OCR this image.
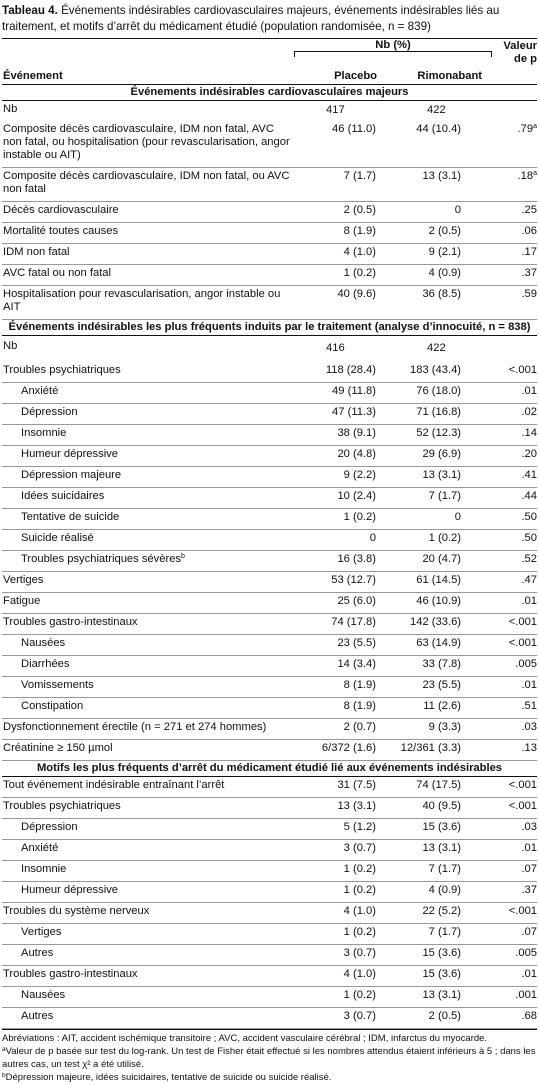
Tableau 4. Événements indésirables cardiovasculaires majeurs, événements indésirables liés au traitement, et motifs d’arrêt du médicament étudié (population randomisée, n = 839)
	Nb (%)		Valeur de p
Événement	Placebo	Rimonabant	
Événements indésirables cardiovasculaires majeurs			
Nb	417	422	
Composite décès cardiovasculaire, IDM non fatal, AVC non fatal, ou hospitalisation (pour revascularisation, angor instable ou AIT)	46 (11.0)	44 (10.4)	.79$^a$
Composite décès cardiovasculaire, IDM non fatal, ou AVC non fatal	7 (1.7)	13 (3.1)	.18$^a$
Décès cardiovasculaire	2 (0.5)	0	.25
Mortalité toutes causes	8 (1.9)	2 (0.5)	.06
IDM non fatal	4 (1.0)	9 (2.1)	.17
AVC fatal ou non fatal	1 (0.2)	4 (0.9)	.37
Hospitalisation pour revascularisation, angor instable ou AIT	40 (9.6)	36 (8.5)	.59
Événements indésirables les plus fréquents induits par le traitement (analyse d’innocuité, n = 838)			
Nb	416	422	
Troubles psychiatriques	118 (28.4)	183 (43.4)	<.001
Anxiété	49 (11.8)	76 (18.0)	.01
Dépression	47 (11.3)	71 (16.8)	.02
Insomnie	38 (9.1)	52 (12.3)	.14
Humeur dépressive	20 (4.8)	29 (6.9)	.20
Dépression majeure	9 (2.2)	13 (3.1)	.41
Idées suicidaires	10 (2.4)	7 (1.7)	.44
Tentative de suicide	1 (0.2)	0	.50
Suicide réalisé	0	1 (0.2)	.50
Troubles psychiatriques sévères$^b$	16 (3.8)	20 (4.7)	.52
Vertiges	53 (12.7)	61 (14.5)	.47
Fatigue	25 (6.0)	46 (10.9)	.01
Troubles gastro-intestinaux	74 (17.8)	142 (33.6)	<.001
Nausées	23 (5.5)	63 (14.9)	<.001
Diarrhées	14 (3.4)	33 (7.8)	.005
Vomissements	8 (1.9)	23 (5.5)	.01
Constipation	8 (1.9)	11 (2.6)	.51
Dysfonctionnement érectile (n = 271 et 274 hommes)	2 (0.7)	9 (3.3)	.03
Créatinine ≥ 150 µmol	6/372 (1.6)	12/361 (3.3)	.13
Motifs les plus fréquents d’arrêt du médicament étudié lié aux événements indésirables			
Tout événement indésirable entraînant l’arrêt	31 (7.5)	74 (17.5)	<.001
Troubles psychiatriques	13 (3.1)	40 (9.5)	<.001
Dépression	5 (1.2)	15 (3.6)	.03
Anxiété	3 (0.7)	13 (3.1)	.01
Insomnie	1 (0.2)	7 (1.7)	.07
Humeur dépressive	1 (0.2)	4 (0.9)	.37
Troubles du système nerveux	4 (1.0)	22 (5.2)	<.001
Vertiges	1 (0.2)	7 (1.7)	.07
Autres	3 (0.7)	15 (3.6)	.005
Troubles gastro-intestinaux	4 (1.0)	15 (3.6)	.01
Nausées	1 (0.2)	13 (3.1)	.001
Autres	3 (0.7)	2 (0.5)	.68
Abréviations : AIT, accident ischémique transitoire ; AVC, accident vasculaire cérébral ; IDM, infarctus du myocarde.
$^a$Valeur de p basée sur test du log-rank. Un test de Fisher était effectué si les nombres attendus étaient inférieurs à 5 ; dans les autres cas, un test χ² a été utilisé.
$^b$Dépression majeure, idées suicidaires, tentative de suicide ou suicide réalisé.
